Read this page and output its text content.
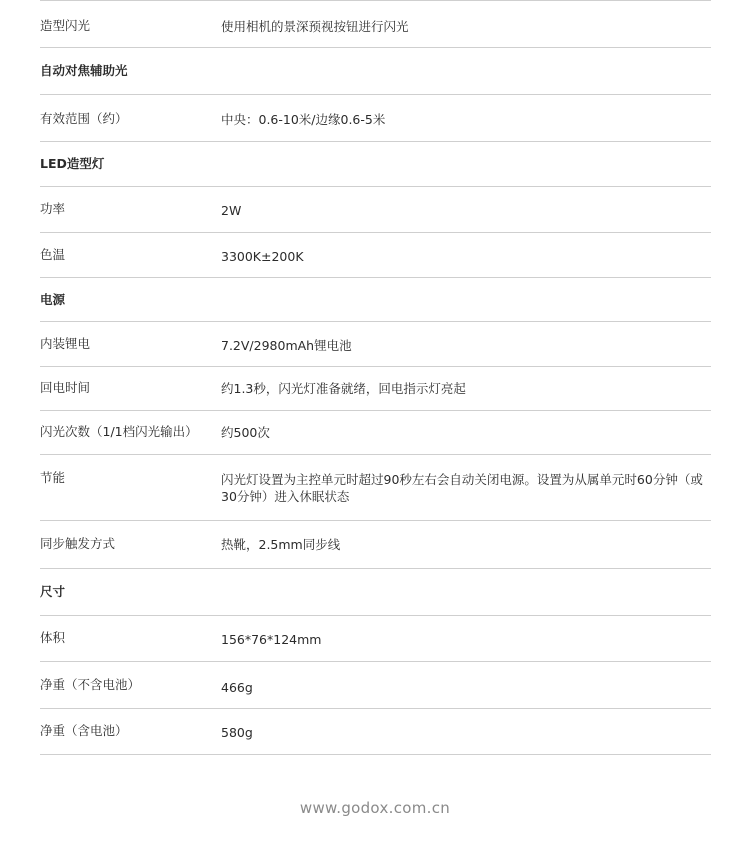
造型闪光	使用相机的景深预视按钮进行闪光
自动对焦辅助光
有效范围（约）	中央：0.6-10米/边缘0.6-5米
LED造型灯
功率	2W
色温	3300K±200K
电源
内装锂电	7.2V/2980mAh锂电池
回电时间	约1.3秒，闪光灯准备就绪，回电指示灯亮起
闪光次数（1/1档闪光输出） 约500次
节能	闪光灯设置为主控单元时超过90秒左右会自动关闭电源。设置为从属单元时60分钟（或30分钟）进入休眠状态
同步触发方式	热靴，2.5mm同步线
尺寸
体积	156*76*124mm
净重（不含电池）	466g
净重（含电池）	580g
www.godox.com.cn
